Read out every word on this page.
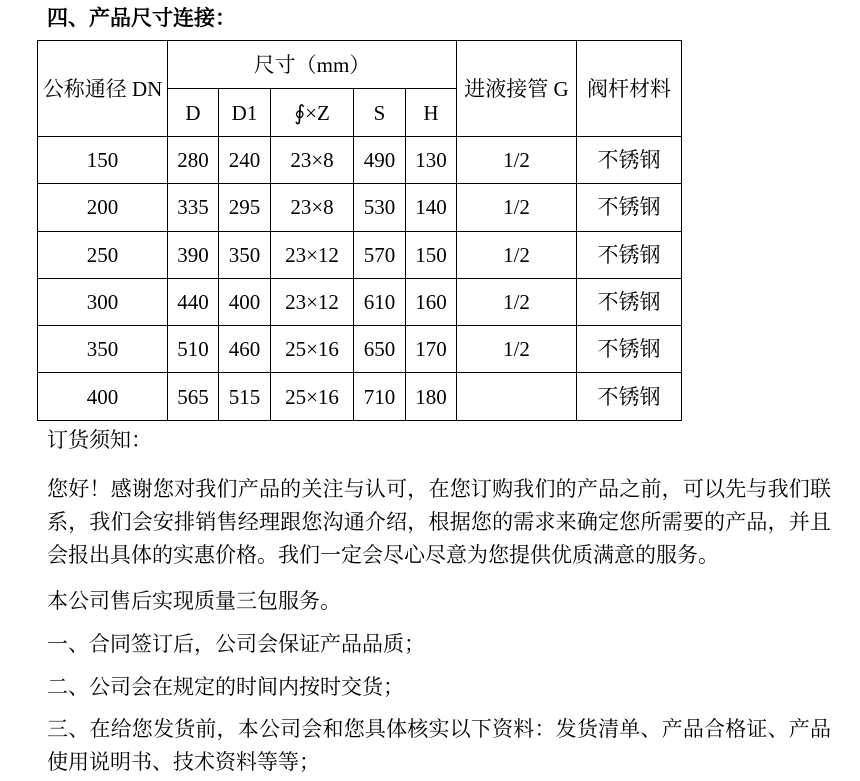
四、产品尺寸连接：
公称通径 DN	尺寸（mm）					进液接管 G	阀杆材料
	D	D1	∮×Z	S	H		
150	280	240	23×8	490	130	1/2	不锈钢
200	335	295	23×8	530	140	1/2	不锈钢
250	390	350	23×12	570	150	1/2	不锈钢
300	440	400	23×12	610	160	1/2	不锈钢
350	510	460	25×16	650	170	1/2	不锈钢
400	565	515	25×16	710	180		不锈钢
订货须知：
您好！感谢您对我们产品的关注与认可，在您订购我们的产品之前，可以先与我们联系，我们会安排销售经理跟您沟通介绍，根据您的需求来确定您所需要的产品，并且会报出具体的实惠价格。我们一定会尽心尽意为您提供优质满意的服务。
本公司售后实现质量三包服务。
一、合同签订后，公司会保证产品品质；
二、公司会在规定的时间内按时交货；
三、在给您发货前，本公司会和您具体核实以下资料：发货清单、产品合格证、产品使用说明书、技术资料等等；
